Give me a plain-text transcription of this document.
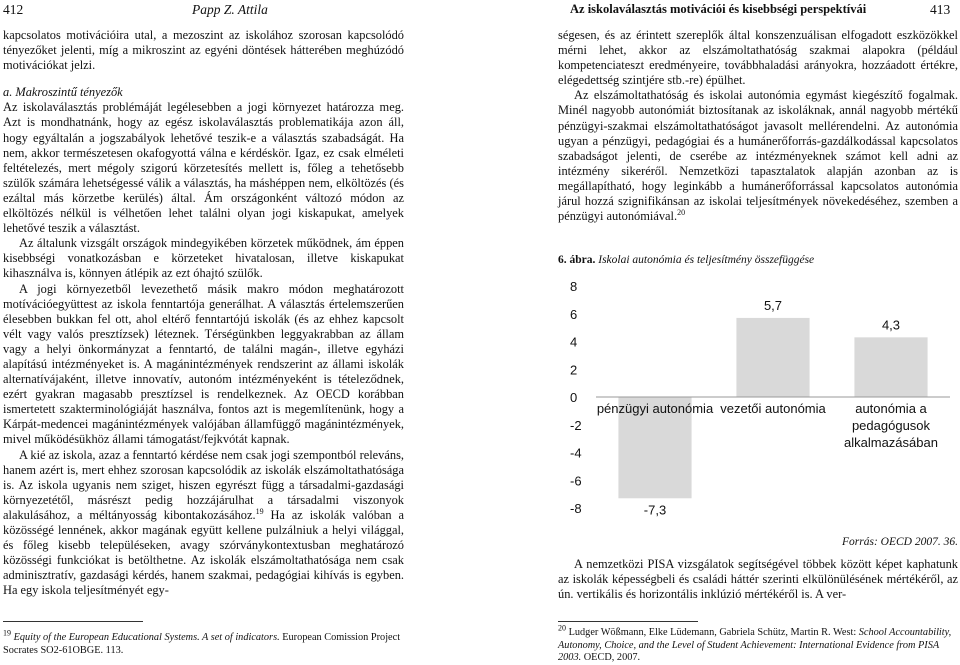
412	Papp Z. Attila	Az iskolaválasztás motivációi és kisebbségi perspektívái	413

kapcsolatos motivációira utal, a mezoszint az iskolához szorosan kapcsolódó tényezőket jelenti, míg a mikroszint az egyéni döntések hátterében meghúzódó motivációkat jelzi.

a. Makroszintű tényezők

Az iskolaválasztás problémáját legélesebben a jogi környezet határozza meg. Azt is mondhatnánk, hogy az egész iskolaválasztás problematikája azon áll, hogy egyáltalán a jogszabályok lehetővé teszik-e a választás szabadságát. Ha nem, akkor természetesen okafogyottá válna e kérdéskör. Igaz, ez csak elméleti feltételezés, mert mégoly szigorú körzetesítés mellett is, főleg a tehetősebb szülők számára lehetségessé válik a választás, ha máshéppen nem, elköltözés (és ezáltal más körzetbe kerülés) által. Ám országonként változó módon az elköltözés nélkül is vélhetően lehet találni olyan jogi kiskapukat, amelyek lehetővé teszik a választást.

Az általunk vizsgált országok mindegyikében körzetek működnek, ám éppen kisebbségi vonatkozásban e körzeteket hivatalosan, illetve kiskapukat kihasználva is, könnyen átlépik az ezt óhajtó szülők.

A jogi környezetből levezethető másik makro módon meghatározott motívációegyüttest az iskola fenntartója generálhat. A választás értelemszerűen élesebben bukkan fel ott, ahol eltérő fenntartójú iskolák (és az ehhez kapcsolt vélt vagy valós presztízsek) léteznek. Térségünkben leggyakrabban az állam vagy a helyi önkormányzat a fenntartó, de találni magán-, illetve egyházi alapítású intézményeket is. A magánintézmények rendszerint az állami iskolák alternatívájaként, illetve innovatív, autonóm intézményeként is tételeződnek, ezért gyakran magasabb presztízsel is rendelkeznek. Az OECD korábban ismertetett szakterminológiáját használva, fontos azt is megemlítenünk, hogy a Kárpát-medencei magánintézmények valójában államfüggő magánintézmények, mivel működésükhöz állami támogatást/fejkvótát kapnak.

A kié az iskola, azaz a fenntartó kérdése nem csak jogi szempontból releváns, hanem azért is, mert ehhez szorosan kapcsolódik az iskolák elszámoltathatósága is. Az iskola ugyanis nem sziget, hiszen egyrészt függ a társadalmi-gazdasági környezetétől, másrészt pedig hozzájárulhat a társadalmi viszonyok alakulásához, a méltányosság kibontakozásához.$^{19}$ Ha az iskolák valóban a közösségé lennének, akkor magának együtt kellene pulzálniuk a helyi világgal, és főleg kisebb településeken, avagy szórványkontextusban meghatározó közösségi funkciókat is betölthetne. Az iskolák elszámoltathatósága nem csak adminisztratív, gazdasági kérdés, hanem szakmai, pedagógiai kihívás is egyben. Ha egy iskola teljesítményét egy-

$^{19}$ Equity of the European Educational Systems. A set of indicators. European Comission Project Socrates SO2-61OBGE. 113.

ségesen, és az érintett szereplők által konszenzuálisan elfogadott eszközökkel mérni lehet, akkor az elszámoltathatóság szakmai alapokra (például kompetenciateszt eredményeire, továbbhaladási arányokra, hozzáadott értékre, elégedettség szintjére stb.-re) épülhet.

Az elszámoltathatóság és iskolai autonómia egymást kiegészítő fogalmak. Minél nagyobb autonómiát biztosítanak az iskoláknak, annál nagyobb mértékű pénzügyi-szakmai elszámoltathatóságot javasolt mellérendelni. Az autonómia ugyan a pénzügyi, pedagógiai és a humánerőforrás-gazdálkodással kapcsolatos szabadságot jelenti, de cserébe az intézményeknek számot kell adni az intézmény sikeréről. Nemzetközi tapasztalatok alapján azonban az is megállapítható, hogy leginkább a humánerőforrással kapcsolatos autonómia járul hozzá szignifikánsan az iskolai teljesítmények növekedéséhez, szemben a pénzügyi autonómiával.$^{20}$

6. ábra. Iskolai autonómia és teljesítmény összefüggése
8
6
4
2
0
-2
-4
-6
-8	-7,3
pénzügyi autonómia
5,7
vezetői autonómia
4,3
autonómia a
pedagógusok
alkalmazásában
Forrás: OECD 2007. 36.

A nemzetközi PISA vizsgálatok segítségével többek között képet kaphatunk az iskolák képességbeli és családi háttér szerinti elkülönülésének mértékéről, az ún. vertikális és horizontális inklúzió mértékéről is. A ver-

$^{20}$ Ludger Wößmann, Elke Lüdemann, Gabriela Schütz, Martin R. West: School Accountability, Autonomy, Choice, and the Level of Student Achievement: International Evidence from PISA 2003. OECD, 2007.
